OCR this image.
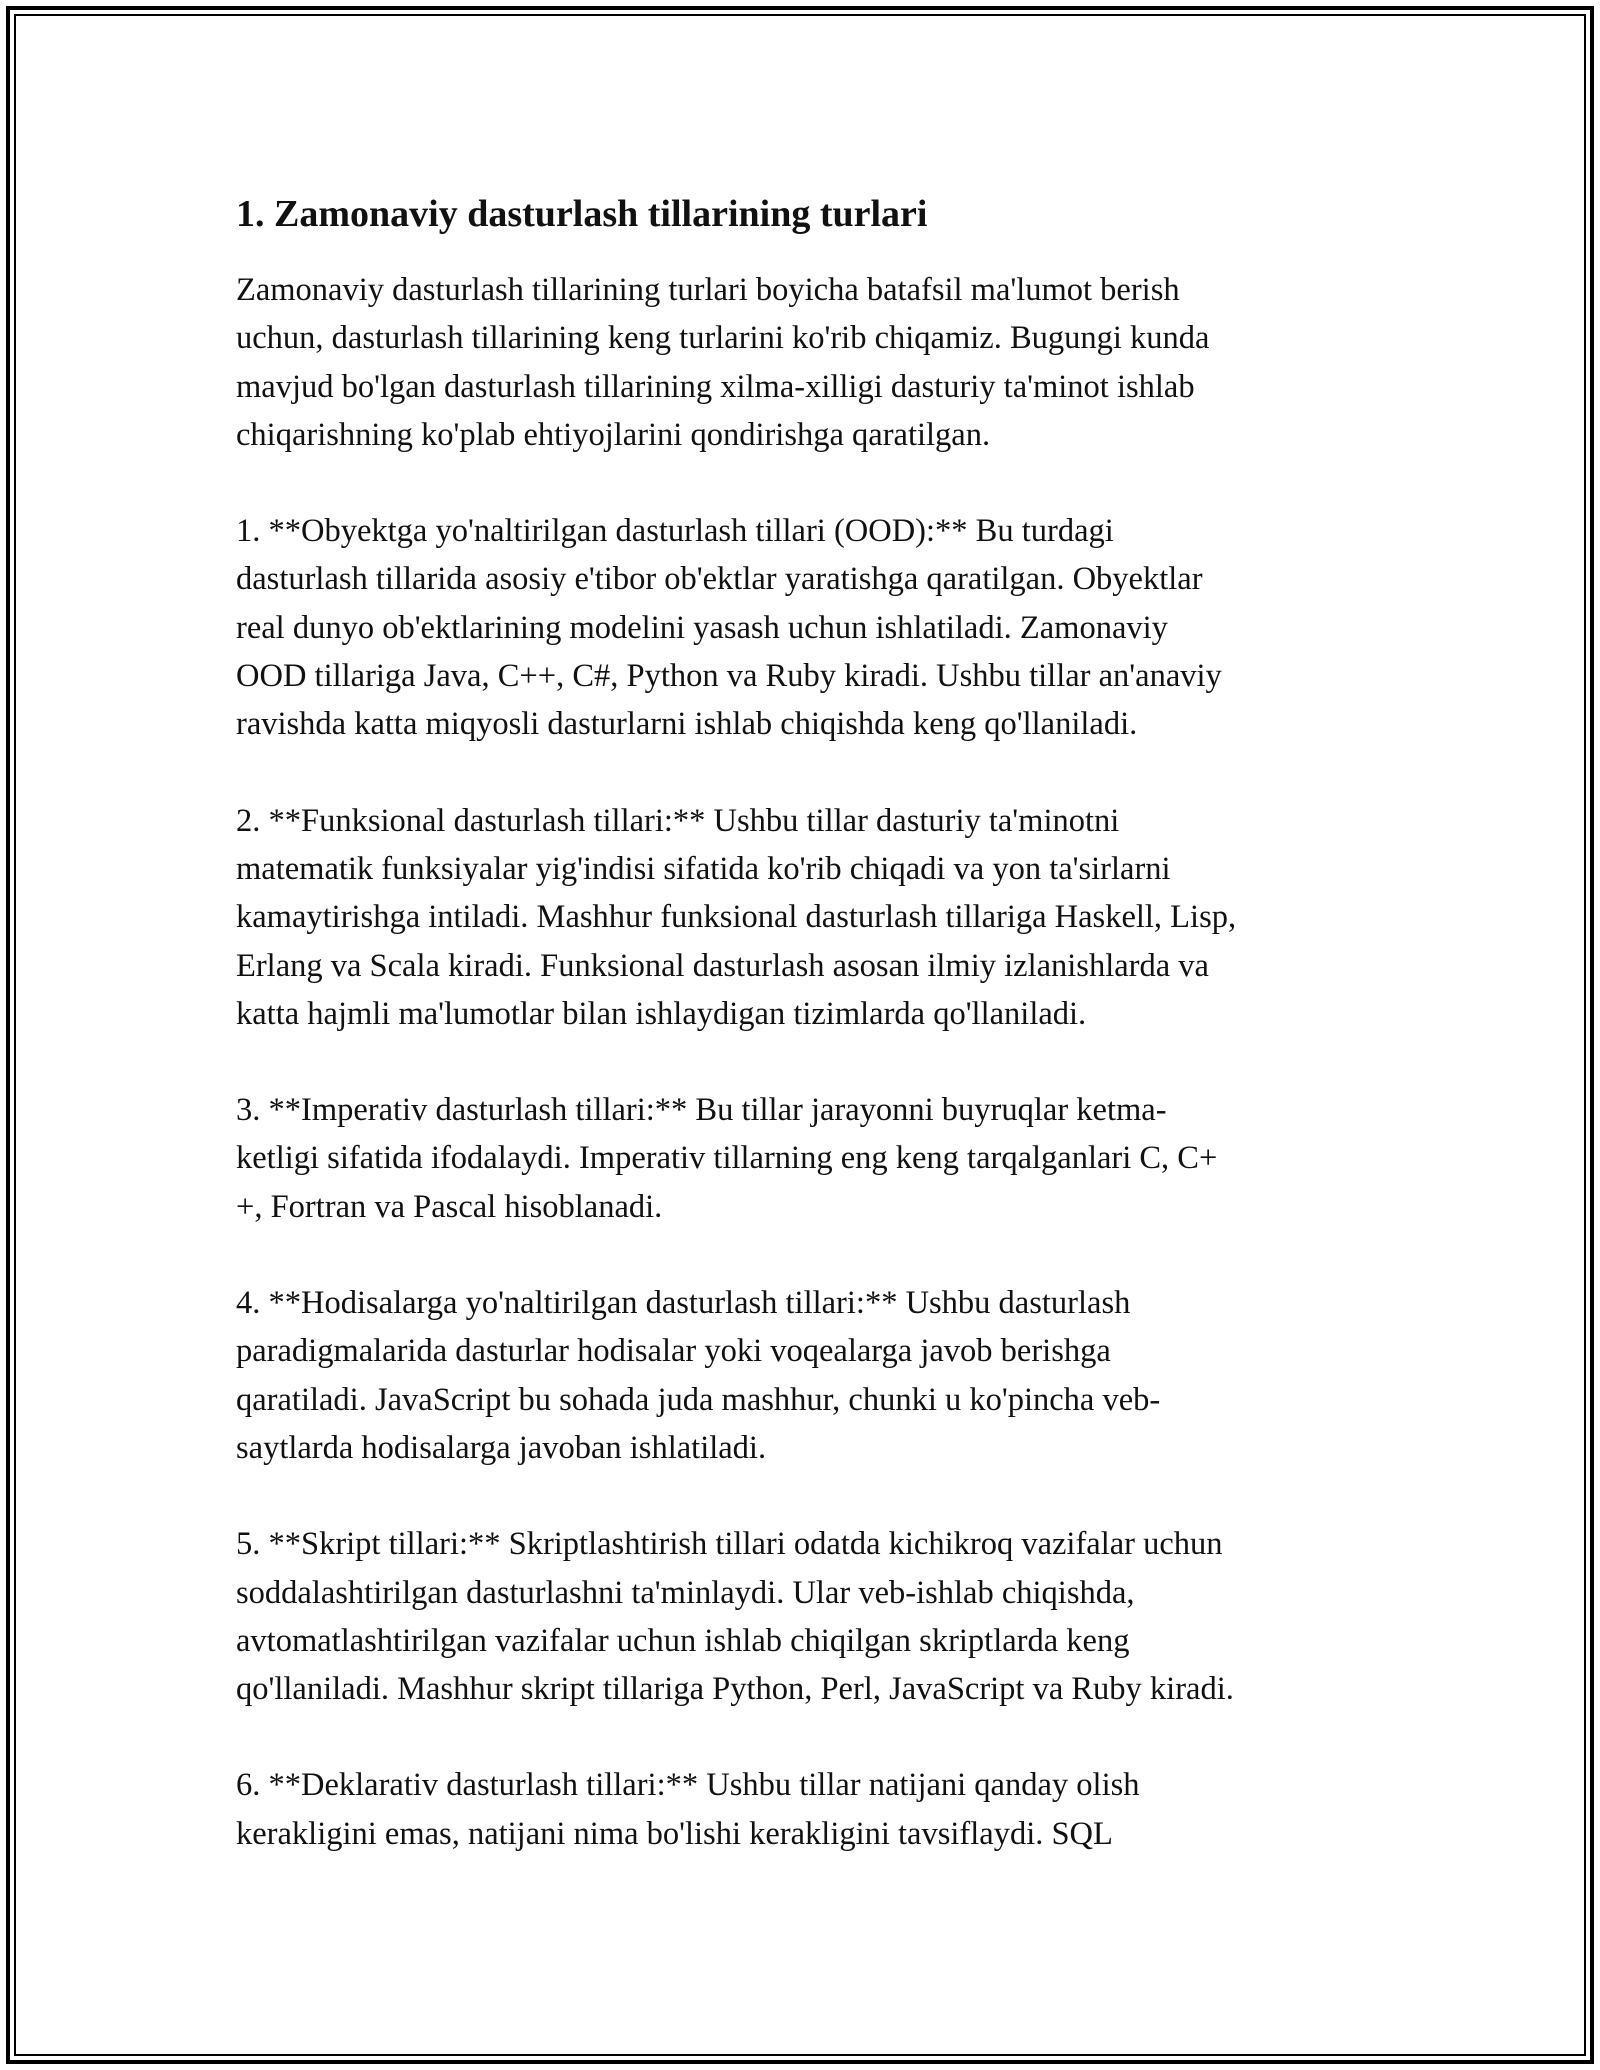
1. Zamonaviy dasturlash tillarining turlari

Zamonaviy dasturlash tillarining turlari boyicha batafsil ma'lumot berish
uchun, dasturlash tillarining keng turlarini ko'rib chiqamiz. Bugungi kunda
mavjud bo'lgan dasturlash tillarining xilma-xilligi dasturiy ta'minot ishlab
chiqarishning ko'plab ehtiyojlarini qondirishga qaratilgan.

1. **Obyektga yo'naltirilgan dasturlash tillari (OOD):** Bu turdagi
dasturlash tillarida asosiy e'tibor ob'ektlar yaratishga qaratilgan. Obyektlar
real dunyo ob'ektlarining modelini yasash uchun ishlatiladi. Zamonaviy
OOD tillariga Java, C++, C#, Python va Ruby kiradi. Ushbu tillar an'anaviy
ravishda katta miqyosli dasturlarni ishlab chiqishda keng qo'llaniladi.

2. **Funksional dasturlash tillari:** Ushbu tillar dasturiy ta'minotni
matematik funksiyalar yig'indisi sifatida ko'rib chiqadi va yon ta'sirlarni
kamaytirishga intiladi. Mashhur funksional dasturlash tillariga Haskell, Lisp,
Erlang va Scala kiradi. Funksional dasturlash asosan ilmiy izlanishlarda va
katta hajmli ma'lumotlar bilan ishlaydigan tizimlarda qo'llaniladi.

3. **Imperativ dasturlash tillari:** Bu tillar jarayonni buyruqlar ketma-
ketligi sifatida ifodalaydi. Imperativ tillarning eng keng tarqalganlari C, C+
+, Fortran va Pascal hisoblanadi.

4. **Hodisalarga yo'naltirilgan dasturlash tillari:** Ushbu dasturlash
paradigmalarida dasturlar hodisalar yoki voqealarga javob berishga
qaratiladi. JavaScript bu sohada juda mashhur, chunki u ko'pincha veb-
saytlarda hodisalarga javoban ishlatiladi.

5. **Skript tillari:** Skriptlashtirish tillari odatda kichikroq vazifalar uchun
soddalashtirilgan dasturlashni ta'minlaydi. Ular veb-ishlab chiqishda,
avtomatlashtirilgan vazifalar uchun ishlab chiqilgan skriptlarda keng
qo'llaniladi. Mashhur skript tillariga Python, Perl, JavaScript va Ruby kiradi.

6. **Deklarativ dasturlash tillari:** Ushbu tillar natijani qanday olish
kerakligini emas, natijani nima bo'lishi kerakligini tavsiflaydi. SQL
